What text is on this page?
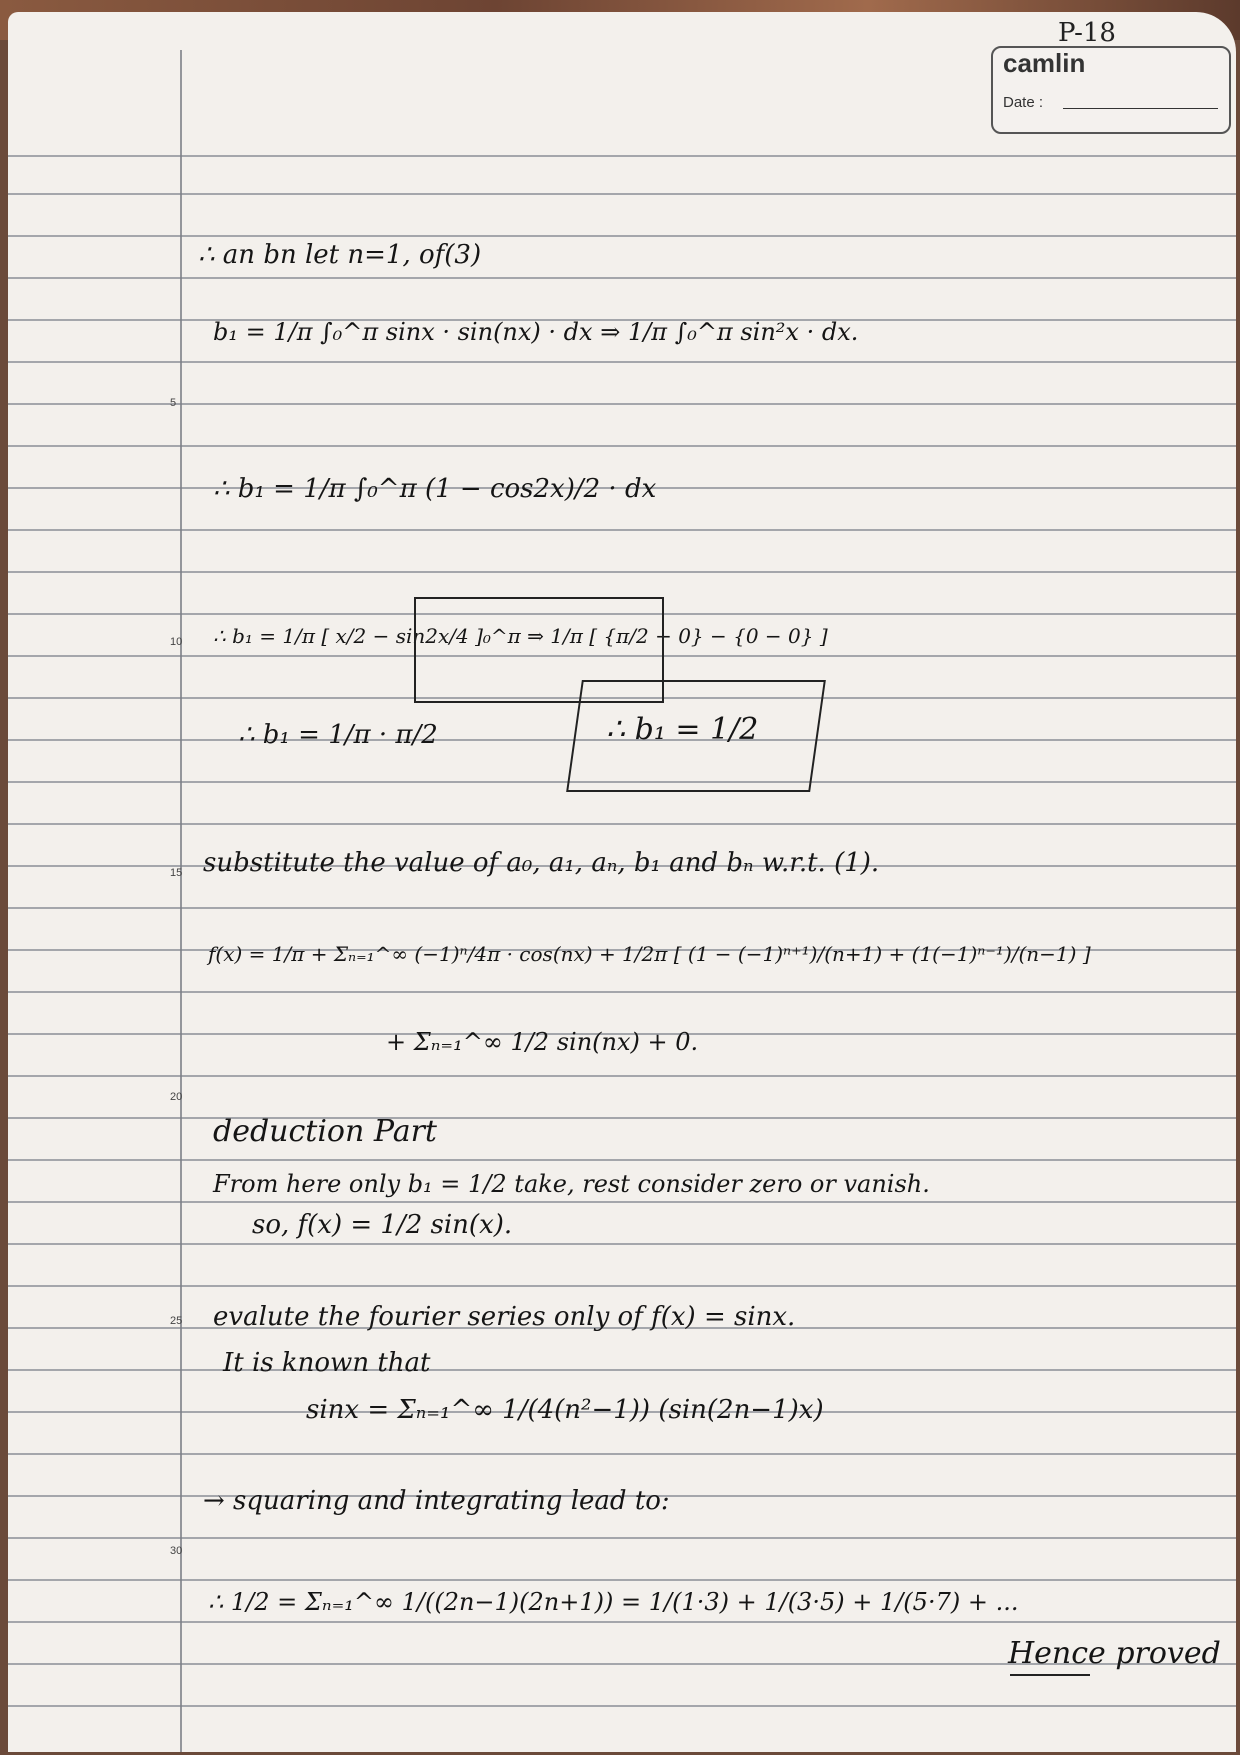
5
10
15
20
25
30
camlin
Date :
P-18
∴ an bn let n=1, of(3)
b₁ = 1/π ∫₀^π sinx · sin(nx) · dx ⇒ 1/π ∫₀^π sin²x · dx.
∴ b₁ = 1/π ∫₀^π (1 − cos2x)/2 · dx
∴ b₁ = 1/π [ x/2 − sin2x/4 ]₀^π ⇒ 1/π [ {π/2 − 0} − {0 − 0} ]
∴ b₁ = 1/π · π/2	∴ b₁ = 1/2
substitute the value of a₀, a₁, aₙ, b₁ and bₙ w.r.t. (1).
f(x) = 1/π + Σₙ₌₁^∞ (−1)ⁿ/4π · cos(nx) + 1/2π [ (1 − (−1)ⁿ⁺¹)/(n+1) + (1(−1)ⁿ⁻¹)/(n−1) ]
+ Σₙ₌₁^∞ 1/2 sin(nx) + 0.
deduction Part
From here only b₁ = 1/2 take, rest consider zero or vanish.
so, f(x) = 1/2 sin(x).
evalute the fourier series only of f(x) = sinx.
It is known that
sinx = Σₙ₌₁^∞ 1/(4(n²−1)) (sin(2n−1)x)
→ squaring and integrating lead to:
∴ 1/2 = Σₙ₌₁^∞ 1/((2n−1)(2n+1)) = 1/(1·3) + 1/(3·5) + 1/(5·7) + ...
Hence proved
